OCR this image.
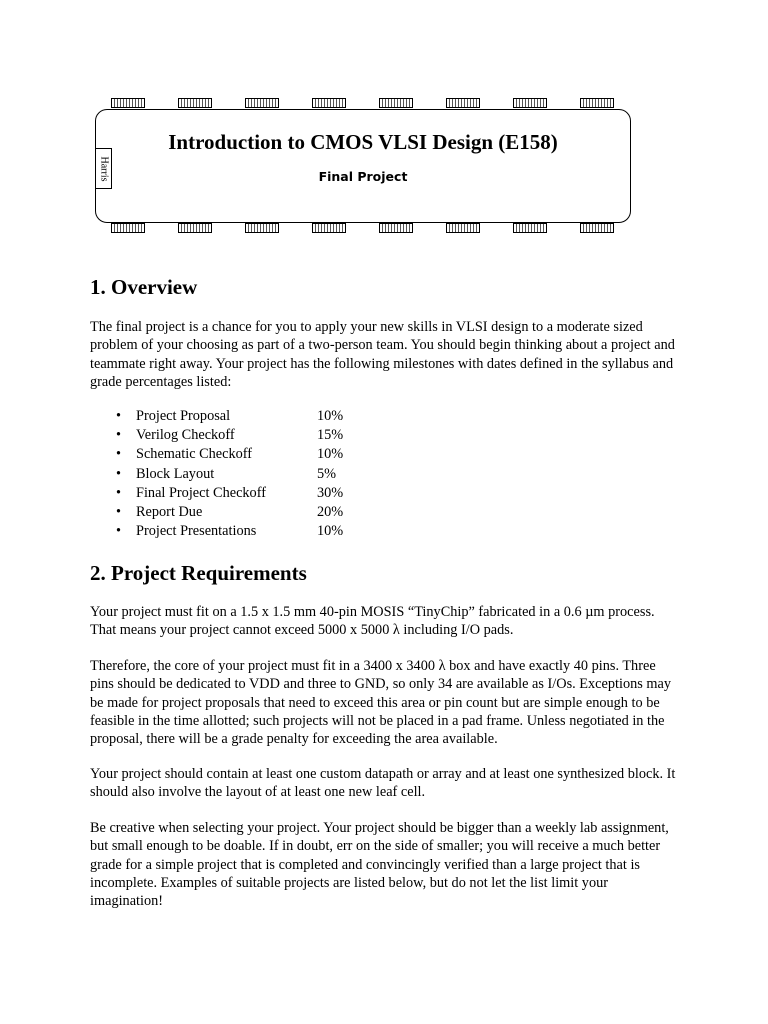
Harris
Introduction to CMOS VLSI Design (E158)
Final Project
1. Overview

The final project is a chance for you to apply your new skills in VLSI design to a moderate sized problem of your choosing as part of a two-person team. You should begin thinking about a project and teammate right away. Your project has the following milestones with dates defined in the syllabus and grade percentages listed:

• Project Proposal	10%
• Verilog Checkoff	15%
• Schematic Checkoff	10%
• Block Layout	5%
• Final Project Checkoff	30%
• Report Due	20%
• Project Presentations	10%
2. Project Requirements

Your project must fit on a 1.5 x 1.5 mm 40-pin MOSIS “TinyChip” fabricated in a 0.6 µm process. That means your project cannot exceed 5000 x 5000 λ including I/O pads.

Therefore, the core of your project must fit in a 3400 x 3400 λ box and have exactly 40 pins. Three pins should be dedicated to VDD and three to GND, so only 34 are available as I/Os. Exceptions may be made for project proposals that need to exceed this area or pin count but are simple enough to be feasible in the time allotted; such projects will not be placed in a pad frame. Unless negotiated in the proposal, there will be a grade penalty for exceeding the area available.

Your project should contain at least one custom datapath or array and at least one synthesized block. It should also involve the layout of at least one new leaf cell.

Be creative when selecting your project. Your project should be bigger than a weekly lab assignment, but small enough to be doable. If in doubt, err on the side of smaller; you will receive a much better grade for a simple project that is completed and convincingly verified than a large project that is incomplete. Examples of suitable projects are listed below, but do not let the list limit your imagination!
